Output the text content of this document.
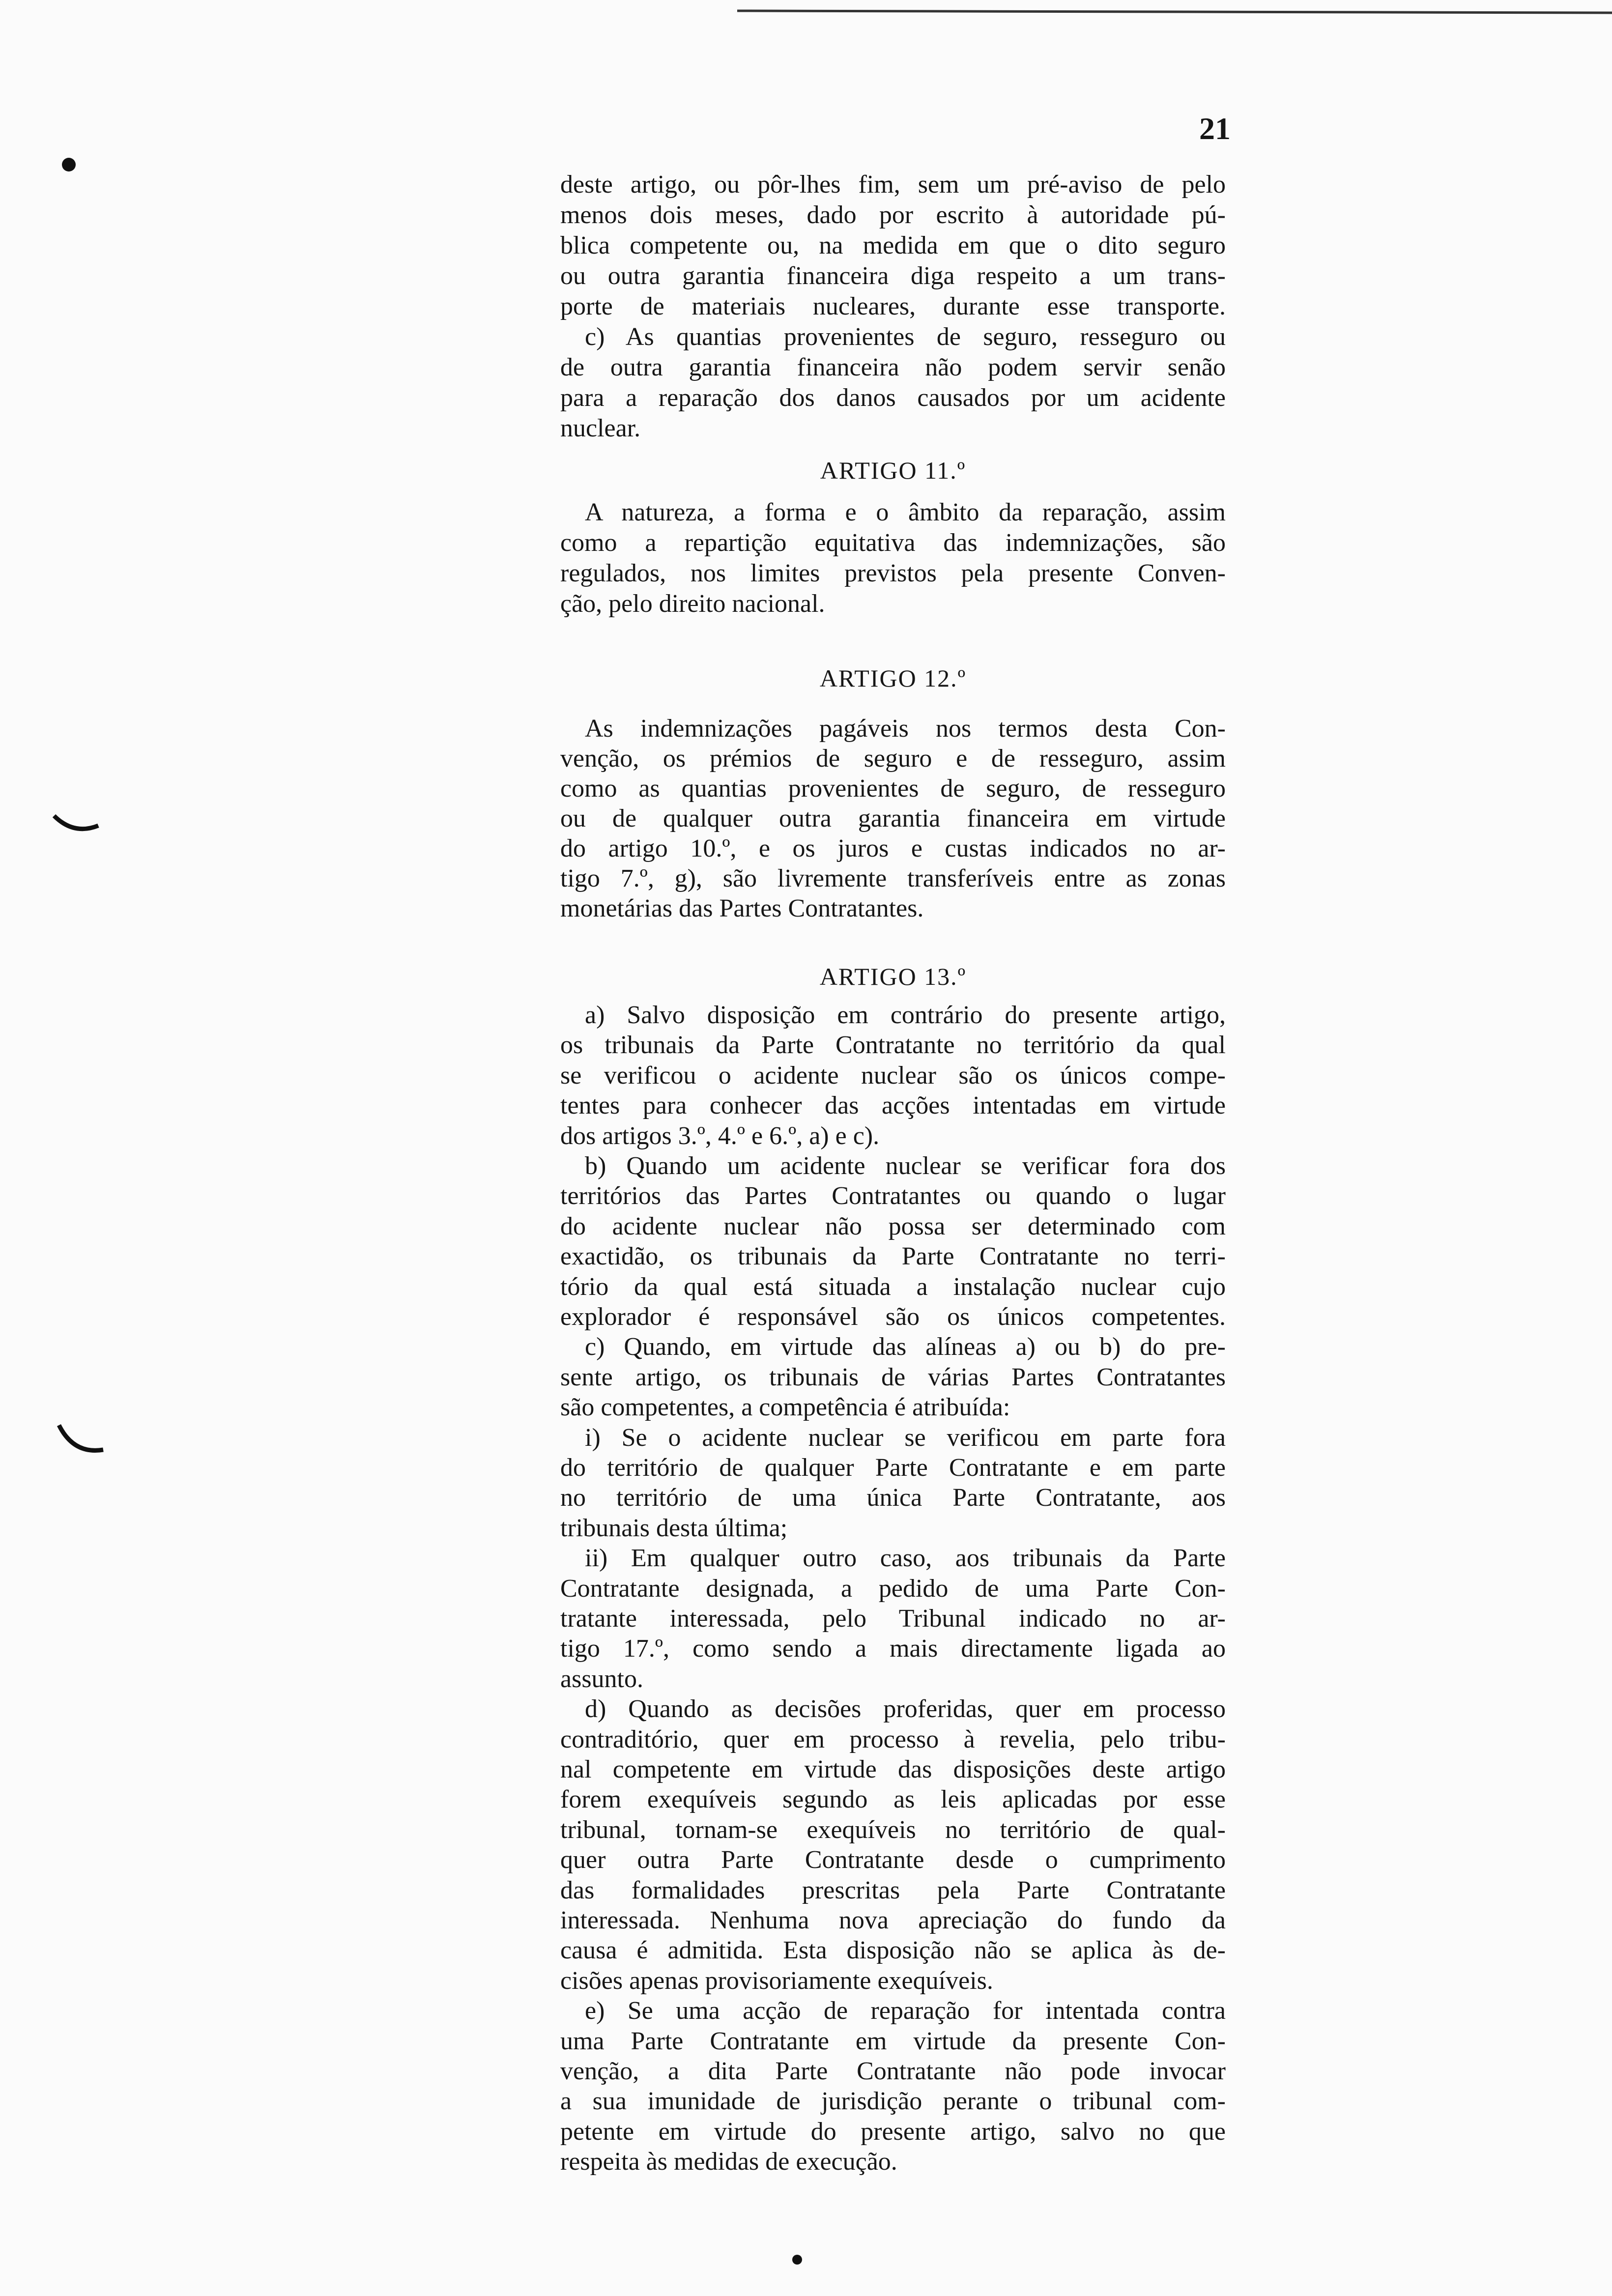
21
ARTIGO 11.º
ARTIGO 12.º
ARTIGO 13.º
deste artigo, ou pôr-lhes fim, sem um pré-aviso de pelo
menos dois meses, dado por escrito à autoridade pú-
blica competente ou, na medida em que o dito seguro
ou outra garantia financeira diga respeito a um trans-
porte de materiais nucleares, durante esse transporte.
c) As quantias provenientes de seguro, resseguro ou
de outra garantia financeira não podem servir senão
para a reparação dos danos causados por um acidente
nuclear.
A natureza, a forma e o âmbito da reparação, assim
como a repartição equitativa das indemnizações, são
regulados, nos limites previstos pela presente Conven-
ção, pelo direito nacional.
As indemnizações pagáveis nos termos desta Con-
venção, os prémios de seguro e de resseguro, assim
como as quantias provenientes de seguro, de resseguro
ou de qualquer outra garantia financeira em virtude
do artigo 10.º, e os juros e custas indicados no ar-
tigo 7.º, g), são livremente transferíveis entre as zonas
monetárias das Partes Contratantes.
a) Salvo disposição em contrário do presente artigo,
os tribunais da Parte Contratante no território da qual
se verificou o acidente nuclear são os únicos compe-
tentes para conhecer das acções intentadas em virtude
dos artigos 3.º, 4.º e 6.º, a) e c).
b) Quando um acidente nuclear se verificar fora dos
territórios das Partes Contratantes ou quando o lugar
do acidente nuclear não possa ser determinado com
exactidão, os tribunais da Parte Contratante no terri-
tório da qual está situada a instalação nuclear cujo
explorador é responsável são os únicos competentes.
c) Quando, em virtude das alíneas a) ou b) do pre-
sente artigo, os tribunais de várias Partes Contratantes
são competentes, a competência é atribuída:
i) Se o acidente nuclear se verificou em parte fora
do território de qualquer Parte Contratante e em parte
no território de uma única Parte Contratante, aos
tribunais desta última;
ii) Em qualquer outro caso, aos tribunais da Parte
Contratante designada, a pedido de uma Parte Con-
tratante interessada, pelo Tribunal indicado no ar-
tigo 17.º, como sendo a mais directamente ligada ao
assunto.
d) Quando as decisões proferidas, quer em processo
contraditório, quer em processo à revelia, pelo tribu-
nal competente em virtude das disposições deste artigo
forem exequíveis segundo as leis aplicadas por esse
tribunal, tornam-se exequíveis no território de qual-
quer outra Parte Contratante desde o cumprimento
das formalidades prescritas pela Parte Contratante
interessada. Nenhuma nova apreciação do fundo da
causa é admitida. Esta disposição não se aplica às de-
cisões apenas provisoriamente exequíveis.
e) Se uma acção de reparação for intentada contra
uma Parte Contratante em virtude da presente Con-
venção, a dita Parte Contratante não pode invocar
a sua imunidade de jurisdição perante o tribunal com-
petente em virtude do presente artigo, salvo no que
respeita às medidas de execução.
